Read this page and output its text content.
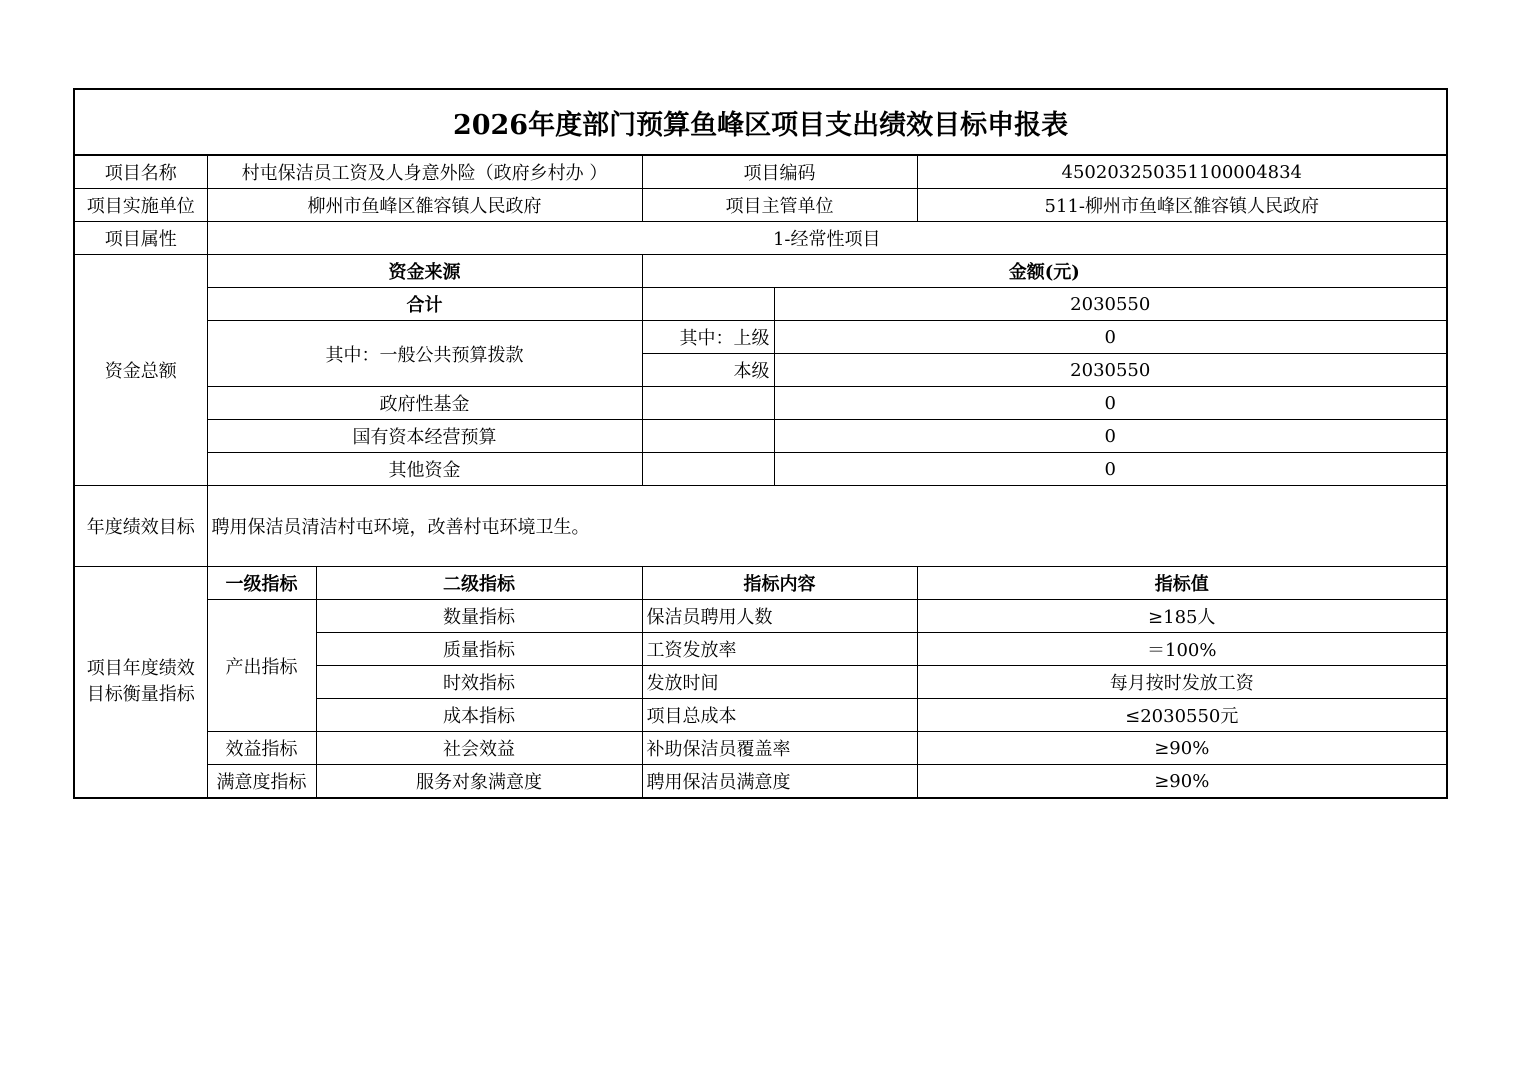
2026年度部门预算鱼峰区项目支出绩效目标申报表					
项目名称	村屯保洁员工资及人身意外险（政府乡村办 ）		项目编码		450203250351100004834
项目实施单位	柳州市鱼峰区雒容镇人民政府		项目主管单位		511-柳州市鱼峰区雒容镇人民政府
项目属性	1-经常性项目				
资金总额	资金来源		金额(元)		
	合计			2030550	
	其中：一般公共预算拨款		其中：上级	0	
			本级	2030550	
	政府性基金			0	
	国有资本经营预算			0	
	其他资金			0	
年度绩效目标	聘用保洁员清洁村屯环境，改善村屯环境卫生。				
项目年度绩效目标衡量指标	一级指标	二级指标	指标内容		指标值
	产出指标	数量指标	保洁员聘用人数		≥185人
		质量指标	工资发放率		＝100%
		时效指标	发放时间		每月按时发放工资
		成本指标	项目总成本		≤2030550元
	效益指标	社会效益	补助保洁员覆盖率		≥90%
	满意度指标	服务对象满意度	聘用保洁员满意度		≥90%
